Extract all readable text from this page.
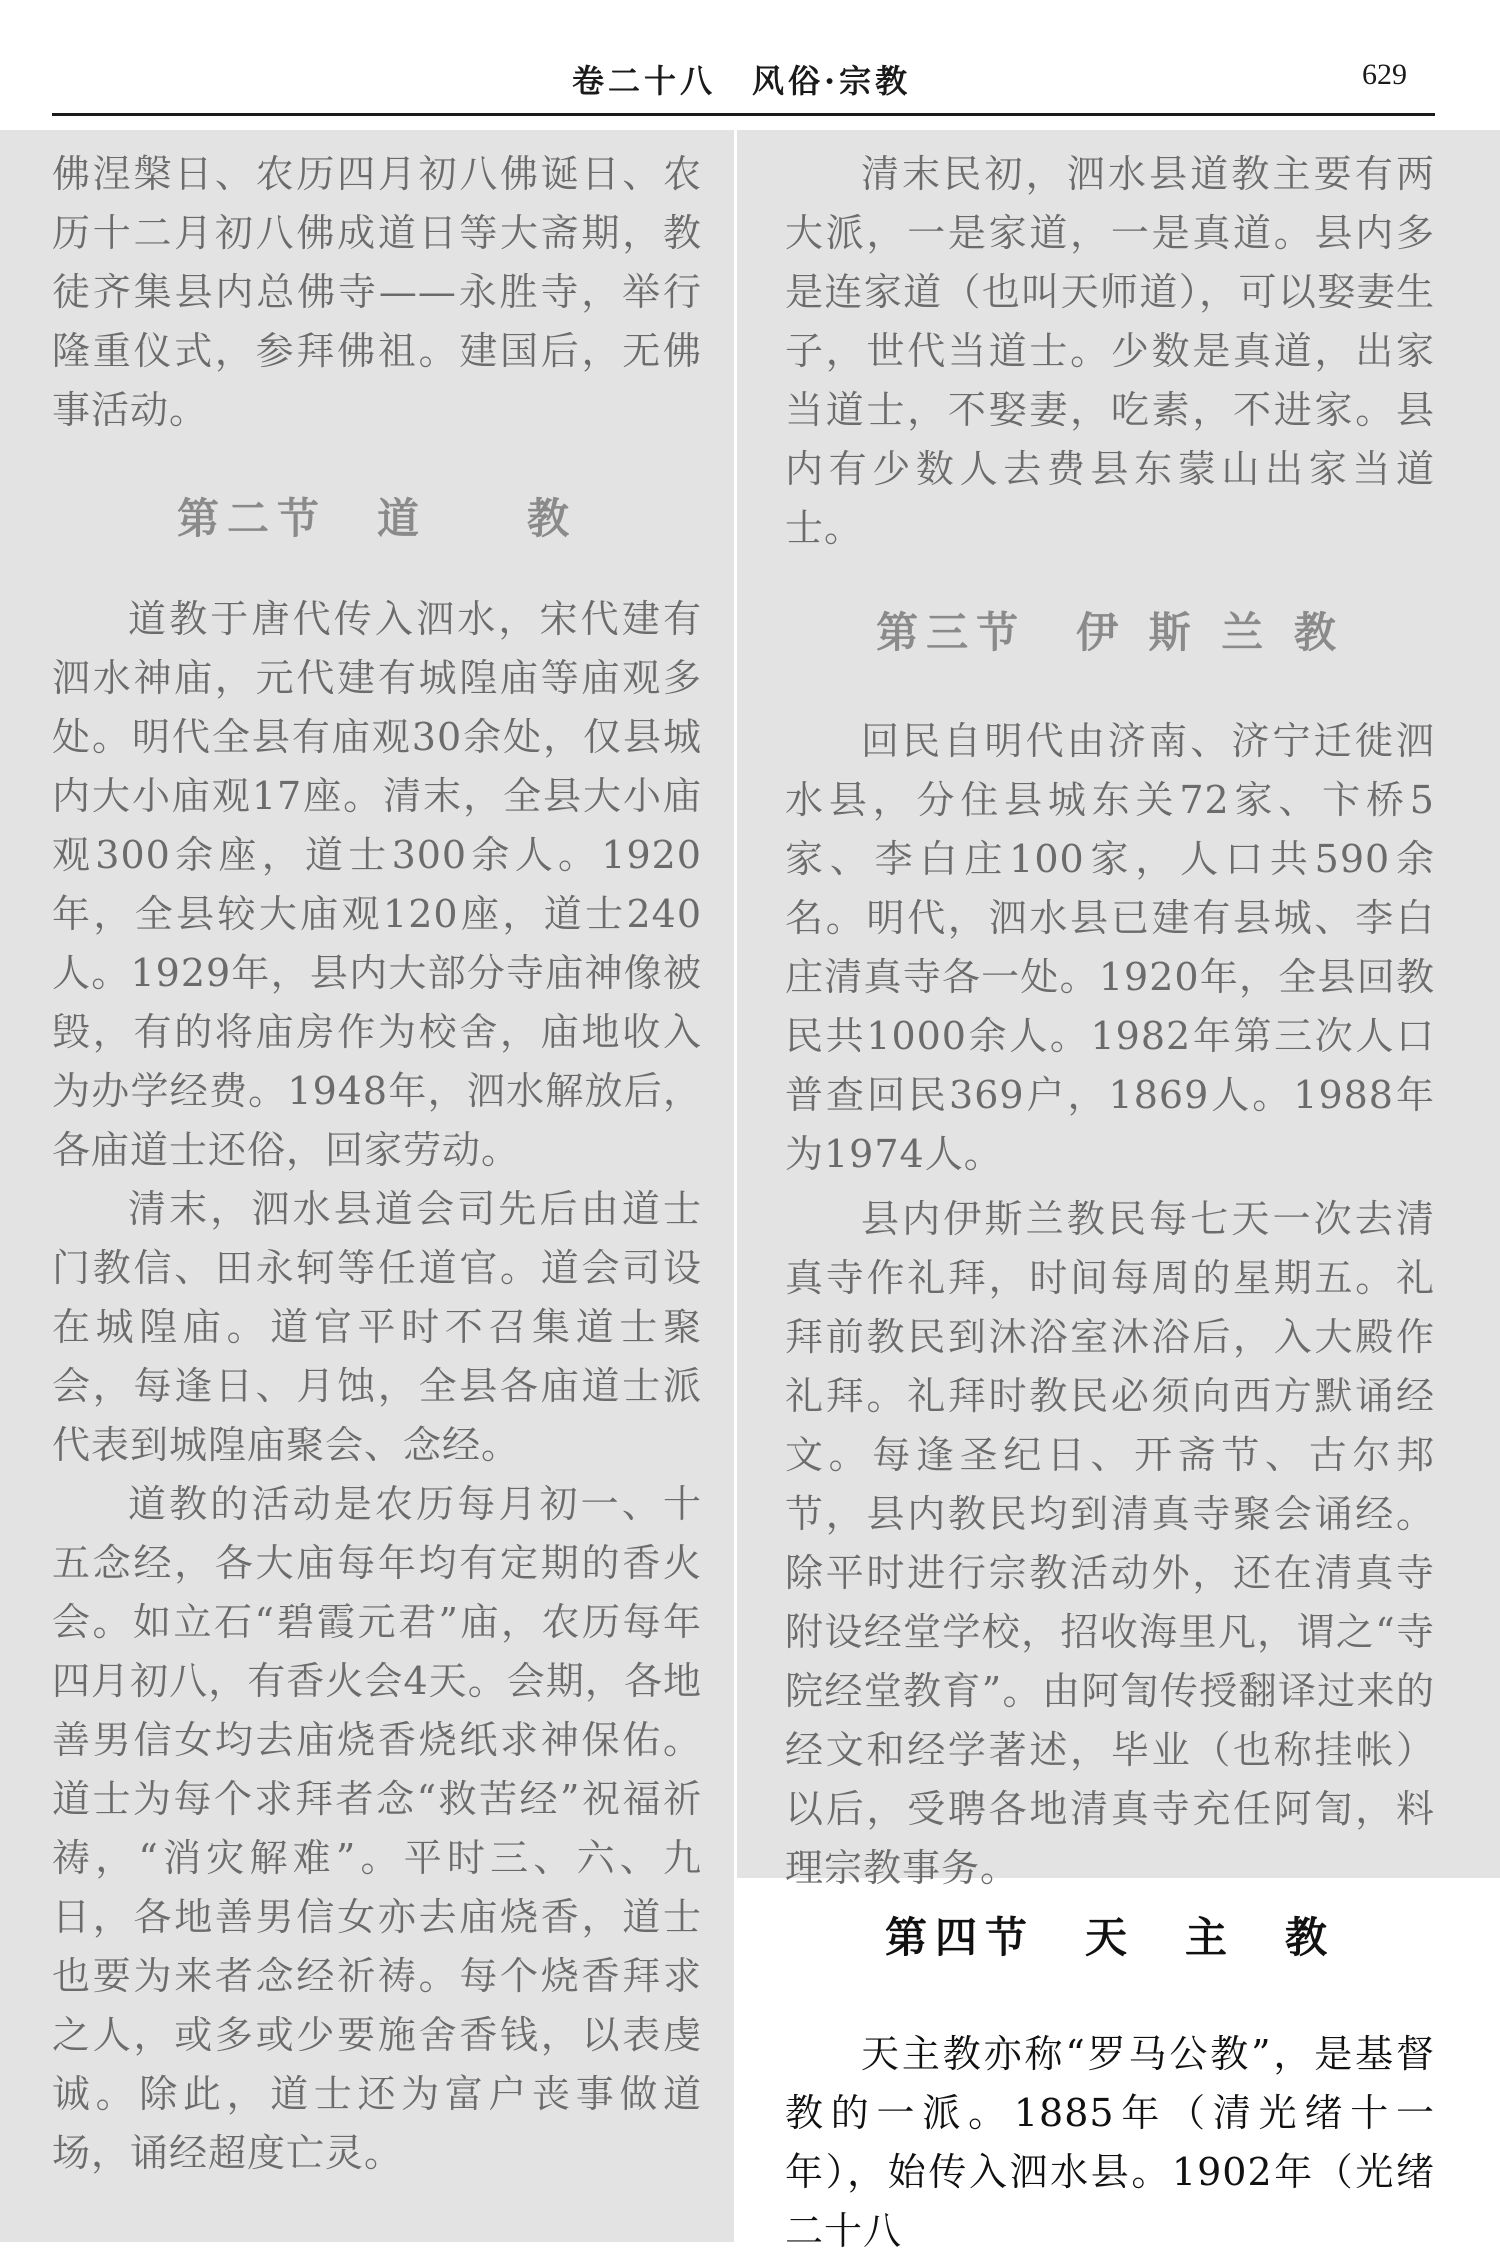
卷二十八　风俗·宗教	629

佛涅槃日、农历四月初八佛诞日、农历十二月初八佛成道日等大斋期，教徒齐集县内总佛寺——永胜寺，举行隆重仪式，参拜佛祖。建国后，无佛事活动。

第二节　道　　教

道教于唐代传入泗水，宋代建有泗水神庙，元代建有城隍庙等庙观多处。明代全县有庙观30余处，仅县城内大小庙观17座。清末，全县大小庙观300余座，道士300余人。1920年，全县较大庙观120座，道士240人。1929年，县内大部分寺庙神像被毁，有的将庙房作为校舍，庙地收入为办学经费。1948年，泗水解放后，各庙道士还俗，回家劳动。

清末，泗水县道会司先后由道士门教信、田永轲等任道官。道会司设在城隍庙。道官平时不召集道士聚会，每逢日、月蚀，全县各庙道士派代表到城隍庙聚会、念经。

道教的活动是农历每月初一、十五念经，各大庙每年均有定期的香火会。如立石“碧霞元君”庙，农历每年四月初八，有香火会4天。会期，各地善男信女均去庙烧香烧纸求神保佑。道士为每个求拜者念“救苦经”祝福祈祷，“消灾解难”。平时三、六、九日，各地善男信女亦去庙烧香，道士也要为来者念经祈祷。每个烧香拜求之人，或多或少要施舍香钱，以表虔诚。除此，道士还为富户丧事做道场，诵经超度亡灵。

清末民初，泗水县道教主要有两大派，一是家道，一是真道。县内多是连家道（也叫天师道），可以娶妻生子，世代当道士。少数是真道，出家当道士，不娶妻，吃素，不进家。县内有少数人去费县东蒙山出家当道士。

第三节　伊 斯 兰 教

回民自明代由济南、济宁迁徙泗水县，分住县城东关72家、卞桥5家、李白庄100家，人口共590余名。明代，泗水县已建有县城、李白庄清真寺各一处。1920年，全县回教民共1000余人。1982年第三次人口普查回民369户，1869人。1988年为1974人。

县内伊斯兰教民每七天一次去清真寺作礼拜，时间每周的星期五。礼拜前教民到沐浴室沐浴后，入大殿作礼拜。礼拜时教民必须向西方默诵经文。每逢圣纪日、开斋节、古尔邦节，县内教民均到清真寺聚会诵经。除平时进行宗教活动外，还在清真寺附设经堂学校，招收海里凡，谓之“寺院经堂教育”。由阿訇传授翻译过来的经文和经学著述，毕业（也称挂帐）以后，受聘各地清真寺充任阿訇，料理宗教事务。

第四节　天　主　教

天主教亦称“罗马公教”，是基督教的一派。1885年（清光绪十一年），始传入泗水县。1902年（光绪二十八
